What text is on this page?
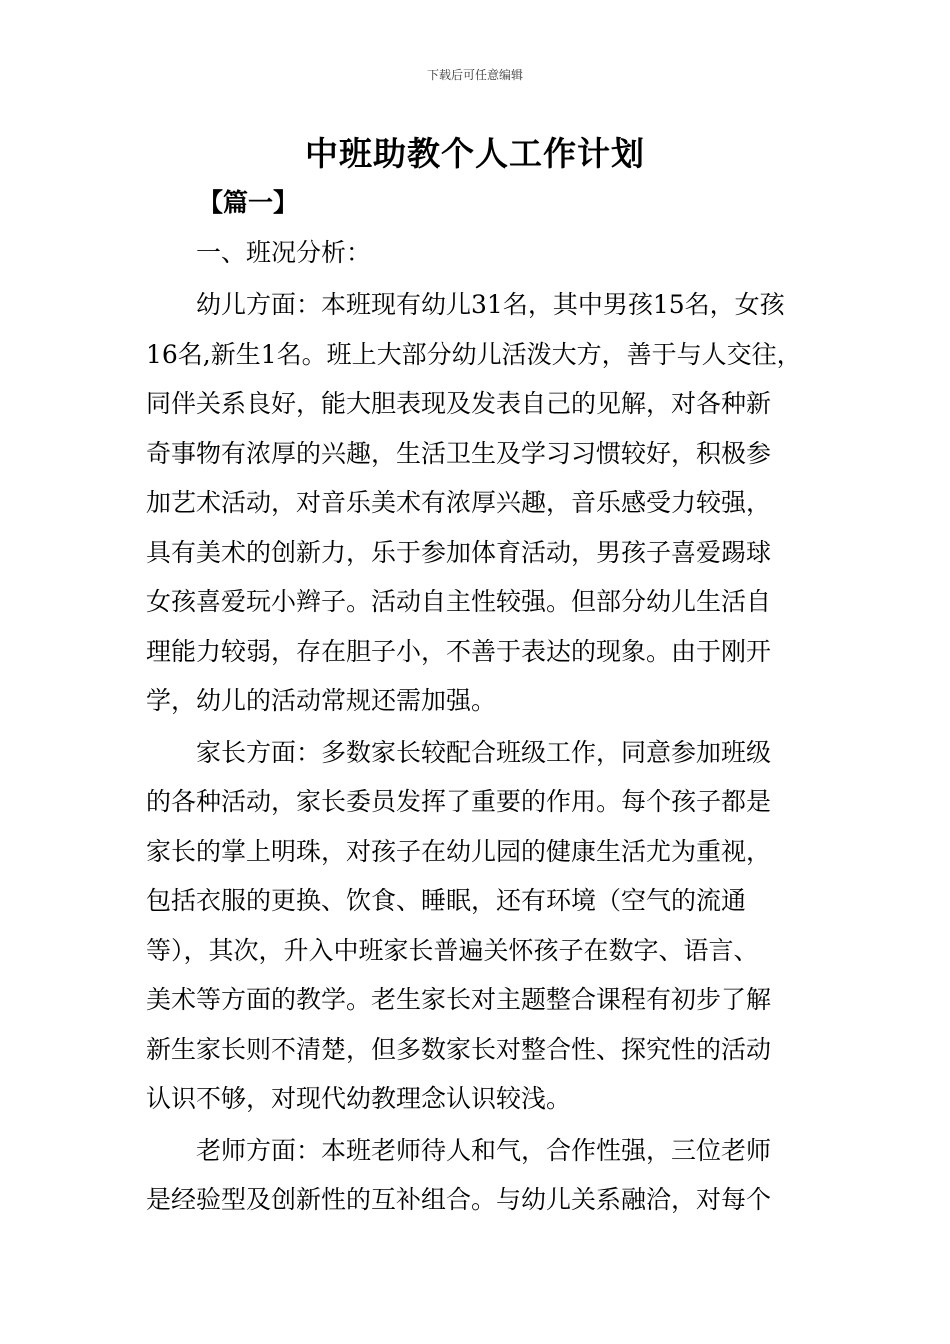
下载后可任意编辑
中班助教个人工作计划
【篇一】
一、班况分析：
幼儿方面：本班现有幼儿31名，其中男孩15名，女孩
16名,新生1名。班上大部分幼儿活泼大方，善于与人交往，
同伴关系良好，能大胆表现及发表自己的见解，对各种新
奇事物有浓厚的兴趣，生活卫生及学习习惯较好，积极参
加艺术活动，对音乐美术有浓厚兴趣，音乐感受力较强，
具有美术的创新力，乐于参加体育活动，男孩子喜爱踢球
女孩喜爱玩小辫子。活动自主性较强。但部分幼儿生活自
理能力较弱，存在胆子小，不善于表达的现象。由于刚开
学，幼儿的活动常规还需加强。
家长方面：多数家长较配合班级工作，同意参加班级
的各种活动，家长委员发挥了重要的作用。每个孩子都是
家长的掌上明珠，对孩子在幼儿园的健康生活尤为重视，
包括衣服的更换、饮食、睡眠，还有环境（空气的流通
等），其次，升入中班家长普遍关怀孩子在数字、语言、
美术等方面的教学。老生家长对主题整合课程有初步了解
新生家长则不清楚，但多数家长对整合性、探究性的活动
认识不够，对现代幼教理念认识较浅。
老师方面：本班老师待人和气，合作性强，三位老师
是经验型及创新性的互补组合。与幼儿关系融洽，对每个
